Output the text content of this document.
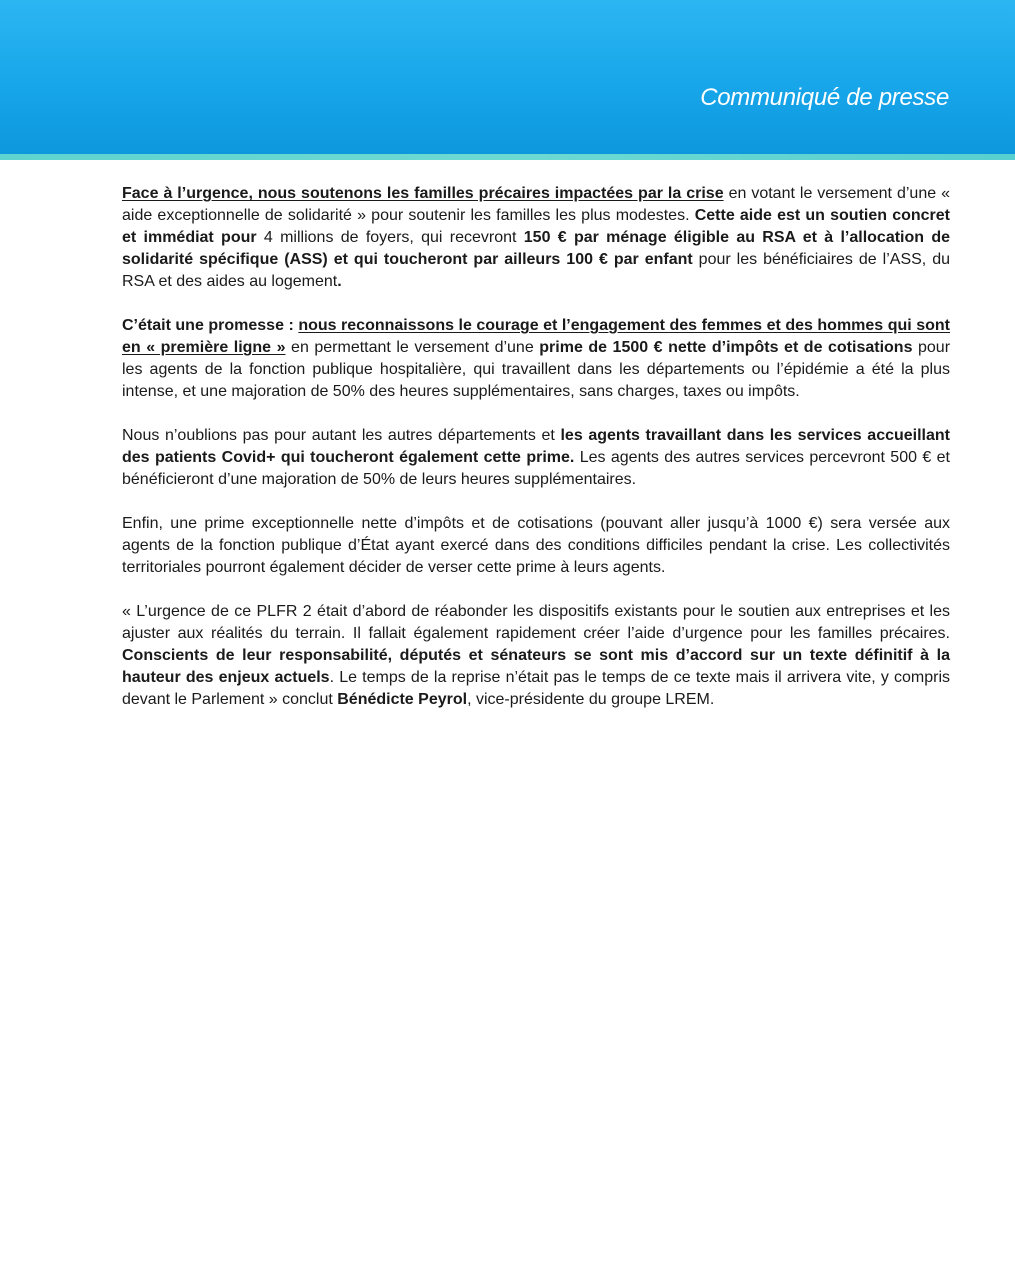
Communiqué de presse

Face à l’urgence, nous soutenons les familles précaires impactées par la crise en votant le versement d’une « aide exceptionnelle de solidarité » pour soutenir les familles les plus modestes. Cette aide est un soutien concret et immédiat pour 4 millions de foyers, qui recevront 150 € par ménage éligible au RSA et à l’allocation de solidarité spécifique (ASS) et qui toucheront par ailleurs 100 € par enfant pour les bénéficiaires de l’ASS, du RSA et des aides au logement.

C’était une promesse : nous reconnaissons le courage et l’engagement des femmes et des hommes qui sont en « première ligne » en permettant le versement d’une prime de 1500 € nette d’impôts et de cotisations pour les agents de la fonction publique hospitalière, qui travaillent dans les départements ou l’épidémie a été la plus intense, et une majoration de 50% des heures supplémentaires, sans charges, taxes ou impôts.

Nous n’oublions pas pour autant les autres départements et les agents travaillant dans les services accueillant des patients Covid+ qui toucheront également cette prime. Les agents des autres services percevront 500 € et bénéficieront d’une majoration de 50% de leurs heures supplémentaires.

Enfin, une prime exceptionnelle nette d’impôts et de cotisations (pouvant aller jusqu’à 1000 €) sera versée aux agents de la fonction publique d’État ayant exercé dans des conditions difficiles pendant la crise. Les collectivités territoriales pourront également décider de verser cette prime à leurs agents.

« L’urgence de ce PLFR 2 était d’abord de réabonder les dispositifs existants pour le soutien aux entreprises et les ajuster aux réalités du terrain. Il fallait également rapidement créer l’aide d’urgence pour les familles précaires. Conscients de leur responsabilité, députés et sénateurs se sont mis d’accord sur un texte définitif à la hauteur des enjeux actuels. Le temps de la reprise n’était pas le temps de ce texte mais il arrivera vite, y compris devant le Parlement » conclut Bénédicte Peyrol, vice-présidente du groupe LREM.
